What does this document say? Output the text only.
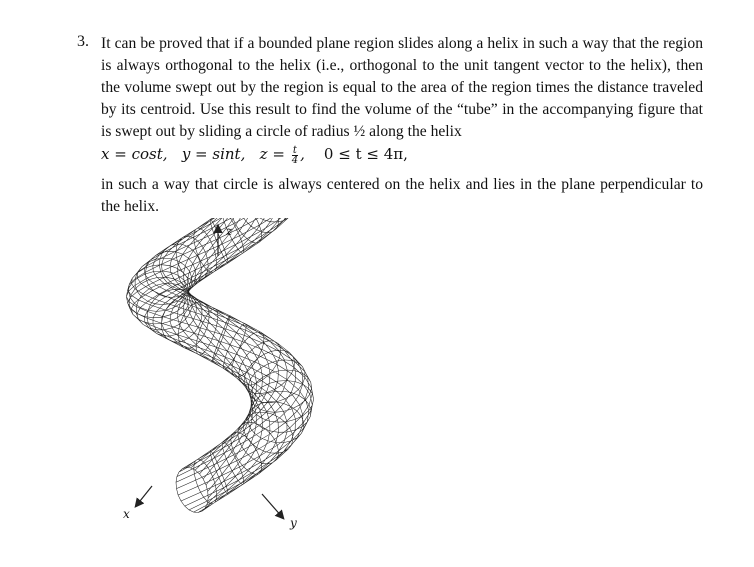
3. It can be proved that if a bounded plane region slides along a helix in such a way that the region is always orthogonal to the helix (i.e., orthogonal to the unit tangent vector to the helix), then the volume swept out by the region is equal to the area of the region times the distance traveled by its centroid. Use this result to find the volume of the “tube” in the accompanying figure that is swept out by sliding a circle of radius ½ along the helix
x = cost, y = sint, $z = \frac{t}{4}$ , 0 ≤ t ≤ 4π,
in such a way that circle is always centered on the helix and lies in the plane perpendicular to the helix.
z
x
y
